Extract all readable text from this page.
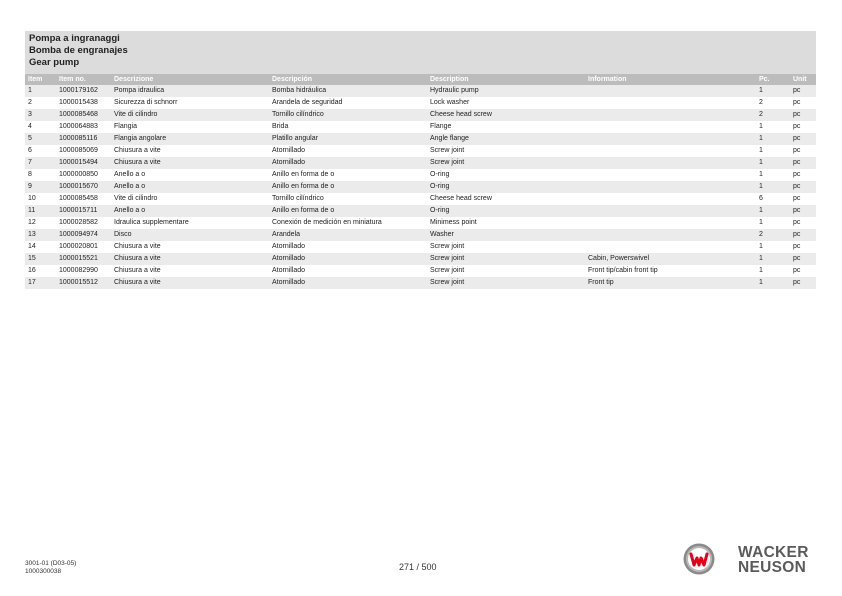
Pompa a ingranaggi
Bomba de engranajes
Gear pump
Item	Item no.	Descrizione	Descripción	Description	Information	Pc.	Unit
1	1000179162	Pompa idraulica	Bomba hidráulica	Hydraulic pump		1	pc
2	1000015438	Sicurezza di schnorr	Arandela de seguridad	Lock washer		2	pc
3	1000085468	Vite di cilindro	Tornillo cilíndrico	Cheese head screw		2	pc
4	1000064883	Flangia	Brida	Flange		1	pc
5	1000085116	Flangia angolare	Platillo angular	Angle flange		1	pc
6	1000085069	Chiusura a vite	Atornillado	Screw joint		1	pc
7	1000015494	Chiusura a vite	Atornillado	Screw joint		1	pc
8	1000000850	Anello a o	Anillo en forma de o	O-ring		1	pc
9	1000015670	Anello a o	Anillo en forma de o	O-ring		1	pc
10	1000085458	Vite di cilindro	Tornillo cilíndrico	Cheese head screw		6	pc
11	1000015711	Anello a o	Anillo en forma de o	O-ring		1	pc
12	1000028582	Idraulica supplementare	Conexión de medición en miniatura	Minimess point		1	pc
13	1000094974	Disco	Arandela	Washer		2	pc
14	1000020801	Chiusura a vite	Atornillado	Screw joint		1	pc
15	1000015521	Chiusura a vite	Atornillado	Screw joint	Cabin, Powerswivel	1	pc
16	1000082990	Chiusura a vite	Atornillado	Screw joint	Front tip/cabin front tip	1	pc
17	1000015512	Chiusura a vite	Atornillado	Screw joint	Front tip	1	pc
3001-01 (D03-05)
1000300038	271 / 500
WACKER
NEUSON
